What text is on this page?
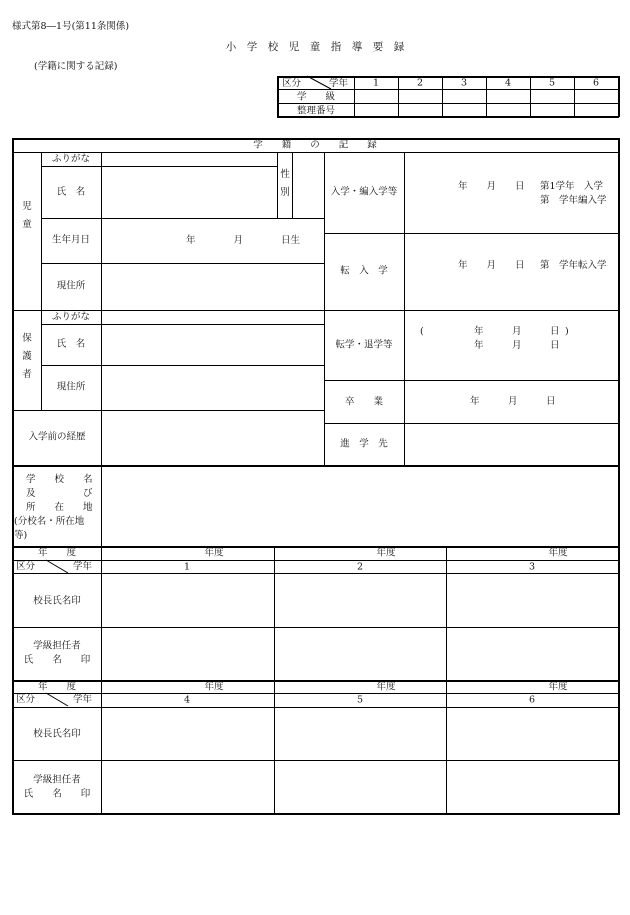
様式第8―1号(第11条関係)
小　学　校　児　童　指　導　要　録
(学籍に関する記録)
区分	学年	1	2	3	4	5	6
学　　級
整理番号
学　　籍　　の　　記　　録
児　童
ふりがな
氏　名
性別
生年月日	年　　　　月　　　　日生
現住所
保護者
ふりがな
氏　名
現住所
入学前の経歴
学　　校　　名
及　　　　　び
所　　在　　地
(分校名・所在地
等)
入学・編入学等	年　　月　　日 第1学年　入学
第　学年編入学
転　入　学	年　　月　　日 第　学年転入学
転学・退学等
(	年　　　月　　　日 )
年　　　月　　　日
卒　　業	年　　　月　　　日
進　学　先
年　　度	年度	年度	年度
区分	学年	1	2	3
校長氏名印
学級担任者
氏　　名　　印
年　　度	年度	年度	年度
区分	学年	4	5	6
校長氏名印
学級担任者
氏　　名　　印
